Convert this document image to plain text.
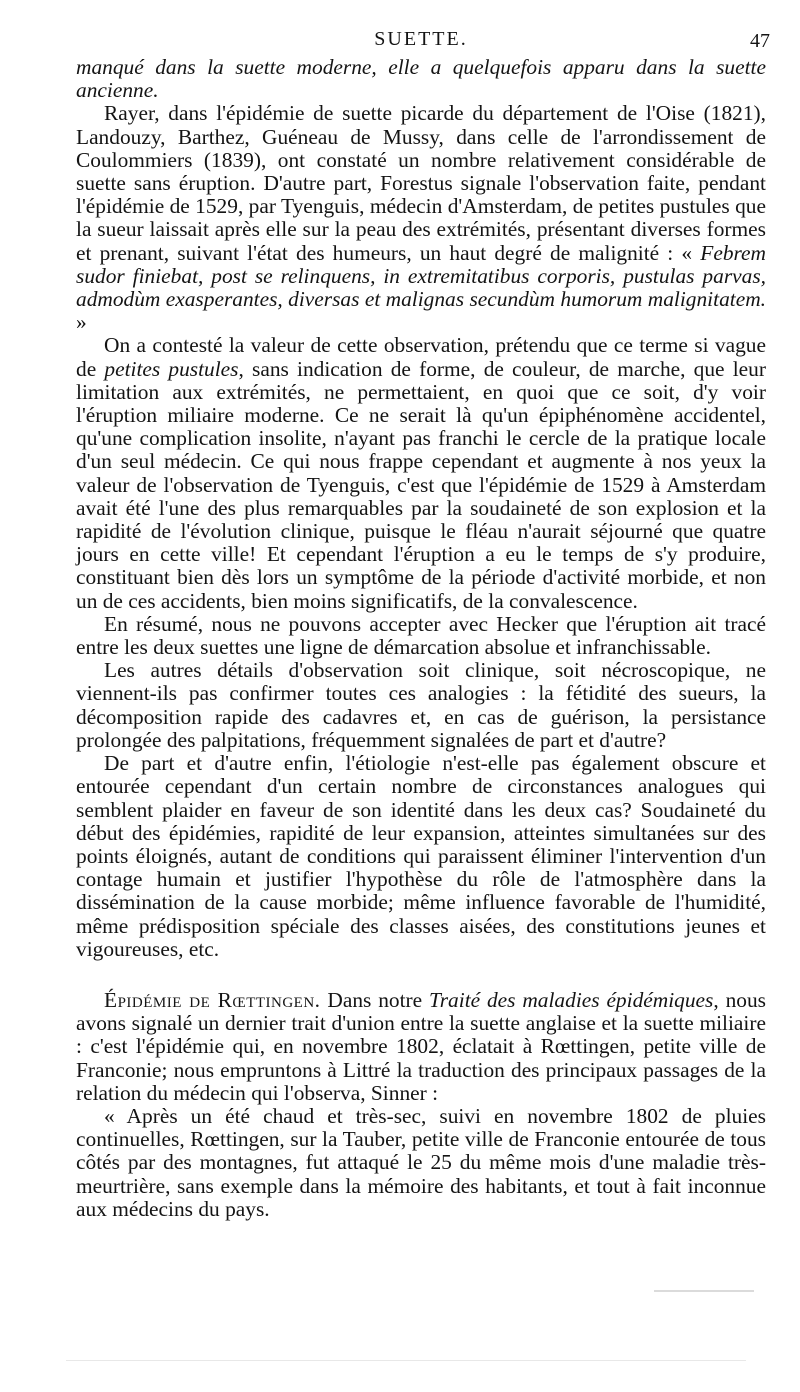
SUETTE.	47

manqué dans la suette moderne, elle a quelquefois apparu dans la suette ancienne.

Rayer, dans l'épidémie de suette picarde du département de l'Oise (1821), Landouzy, Barthez, Guéneau de Mussy, dans celle de l'arrondissement de Coulommiers (1839), ont constaté un nombre relativement considérable de suette sans éruption. D'autre part, Forestus signale l'observation faite, pendant l'épidémie de 1529, par Tyenguis, médecin d'Amsterdam, de petites pustules que la sueur laissait après elle sur la peau des extrémités, présentant diverses formes et prenant, suivant l'état des humeurs, un haut degré de malignité : « Febrem sudor finiebat, post se relinquens, in extremitatibus corporis, pustulas parvas, admodùm exasperantes, diversas et malignas secundùm humorum malignitatem. »

On a contesté la valeur de cette observation, prétendu que ce terme si vague de petites pustules, sans indication de forme, de couleur, de marche, que leur limitation aux extrémités, ne permettaient, en quoi que ce soit, d'y voir l'éruption miliaire moderne. Ce ne serait là qu'un épiphénomène accidentel, qu'une complication insolite, n'ayant pas franchi le cercle de la pratique locale d'un seul médecin. Ce qui nous frappe cependant et augmente à nos yeux la valeur de l'observation de Tyenguis, c'est que l'épidémie de 1529 à Amsterdam avait été l'une des plus remarquables par la soudaineté de son explosion et la rapidité de l'évolution clinique, puisque le fléau n'aurait séjourné que quatre jours en cette ville! Et cependant l'éruption a eu le temps de s'y produire, constituant bien dès lors un symptôme de la période d'activité morbide, et non un de ces accidents, bien moins significatifs, de la convalescence.

En résumé, nous ne pouvons accepter avec Hecker que l'éruption ait tracé entre les deux suettes une ligne de démarcation absolue et infranchissable.

Les autres détails d'observation soit clinique, soit nécroscopique, ne viennent-ils pas confirmer toutes ces analogies : la fétidité des sueurs, la décomposition rapide des cadavres et, en cas de guérison, la persistance prolongée des palpitations, fréquemment signalées de part et d'autre?

De part et d'autre enfin, l'étiologie n'est-elle pas également obscure et entourée cependant d'un certain nombre de circonstances analogues qui semblent plaider en faveur de son identité dans les deux cas? Soudaineté du début des épidémies, rapidité de leur expansion, atteintes simultanées sur des points éloignés, autant de conditions qui paraissent éliminer l'intervention d'un contage humain et justifier l'hypothèse du rôle de l'atmosphère dans la dissémination de la cause morbide; même influence favorable de l'humidité, même prédisposition spéciale des classes aisées, des constitutions jeunes et vigoureuses, etc.

Épidémie de Rœttingen. Dans notre Traité des maladies épidémiques, nous avons signalé un dernier trait d'union entre la suette anglaise et la suette miliaire : c'est l'épidémie qui, en novembre 1802, éclatait à Rœttingen, petite ville de Franconie; nous empruntons à Littré la traduction des principaux passages de la relation du médecin qui l'observa, Sinner :

« Après un été chaud et très-sec, suivi en novembre 1802 de pluies continuelles, Rœttingen, sur la Tauber, petite ville de Franconie entourée de tous côtés par des montagnes, fut attaqué le 25 du même mois d'une maladie très-meurtrière, sans exemple dans la mémoire des habitants, et tout à fait inconnue aux médecins du pays.
